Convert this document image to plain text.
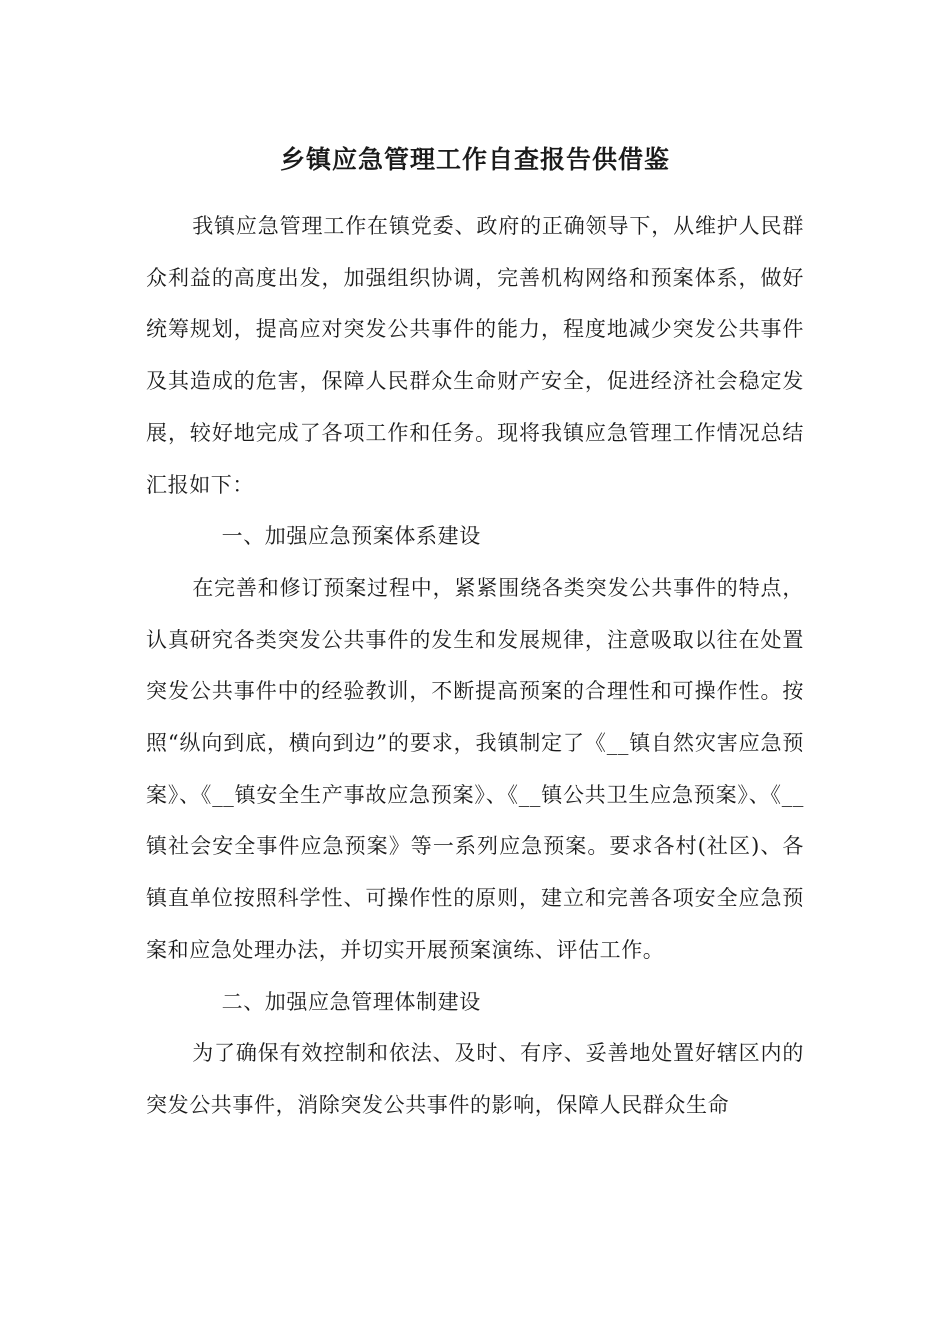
乡镇应急管理工作自查报告供借鉴

我镇应急管理工作在镇党委、政府的正确领导下，从维护人民群众利益的高度出发，加强组织协调，完善机构网络和预案体系，做好统筹规划，提高应对突发公共事件的能力，程度地减少突发公共事件及其造成的危害，保障人民群众生命财产安全，促进经济社会稳定发展，较好地完成了各项工作和任务。现将我镇应急管理工作情况总结汇报如下：

一、加强应急预案体系建设

在完善和修订预案过程中，紧紧围绕各类突发公共事件的特点，认真研究各类突发公共事件的发生和发展规律，注意吸取以往在处置突发公共事件中的经验教训，不断提高预案的合理性和可操作性。按照“纵向到底，横向到边”的要求，我镇制定了《__镇自然灾害应急预案》、《__镇安全生产事故应急预案》、《__镇公共卫生应急预案》、《__镇社会安全事件应急预案》等一系列应急预案。要求各村(社区)、各镇直单位按照科学性、可操作性的原则，建立和完善各项安全应急预案和应急处理办法，并切实开展预案演练、评估工作。

二、加强应急管理体制建设

为了确保有效控制和依法、及时、有序、妥善地处置好辖区内的突发公共事件，消除突发公共事件的影响，保障人民群众生命
